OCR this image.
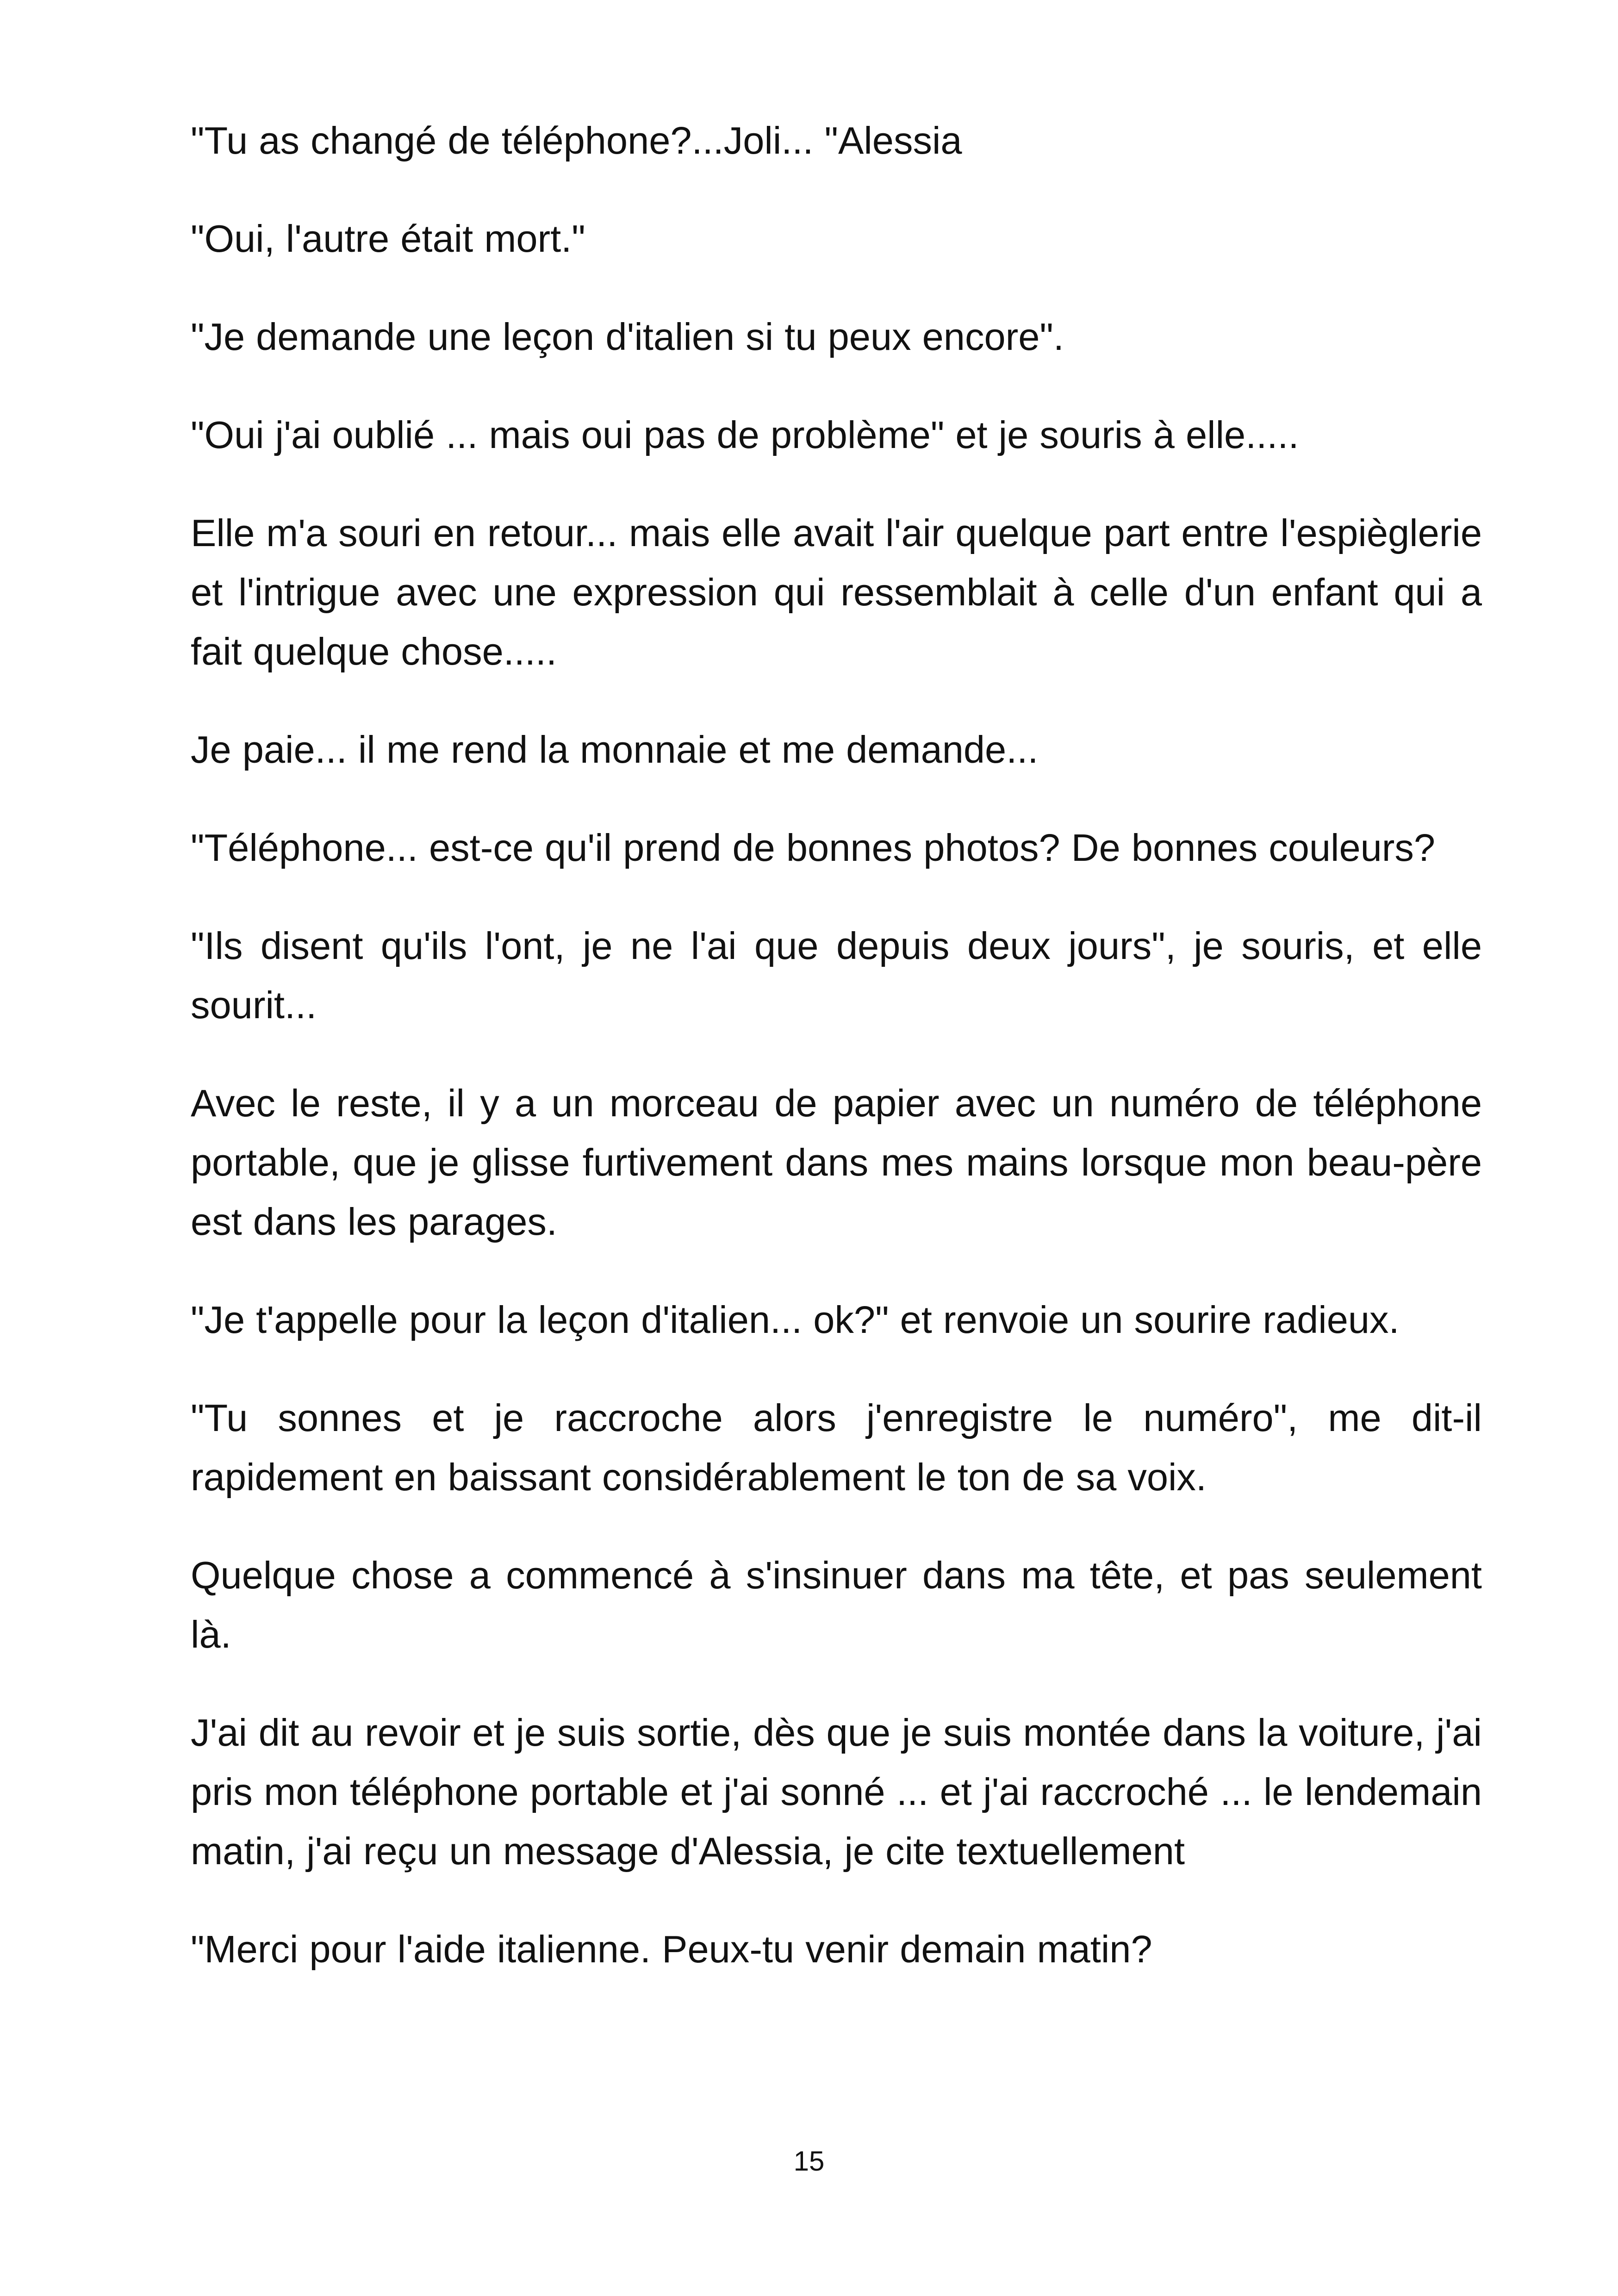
"Tu as changé de téléphone?...Joli... "Alessia

"Oui, l'autre était mort."

"Je demande une leçon d'italien si tu peux encore".

"Oui j'ai oublié ... mais oui pas de problème" et je souris à elle.....

Elle m'a souri en retour... mais elle avait l'air quelque part entre l'espièglerie et l'intrigue avec une expression qui ressemblait à celle d'un enfant qui a fait quelque chose.....

Je paie... il me rend la monnaie et me demande...

"Téléphone... est-ce qu'il prend de bonnes photos? De bonnes couleurs?

"Ils disent qu'ils l'ont, je ne l'ai que depuis deux jours", je souris, et elle sourit...

Avec le reste, il y a un morceau de papier avec un numéro de téléphone portable, que je glisse furtivement dans mes mains lorsque mon beau-père est dans les parages.

"Je t'appelle pour la leçon d'italien... ok?" et renvoie un sourire radieux.

"Tu sonnes et je raccroche alors j'enregistre le numéro", me dit-il rapidement en baissant considérablement le ton de sa voix.

Quelque chose a commencé à s'insinuer dans ma tête, et pas seulement là.

J'ai dit au revoir et je suis sortie, dès que je suis montée dans la voiture, j'ai pris mon téléphone portable et j'ai sonné ... et j'ai raccroché ... le lendemain matin, j'ai reçu un message d'Alessia, je cite textuellement

"Merci pour l'aide italienne. Peux-tu venir demain matin?

15
